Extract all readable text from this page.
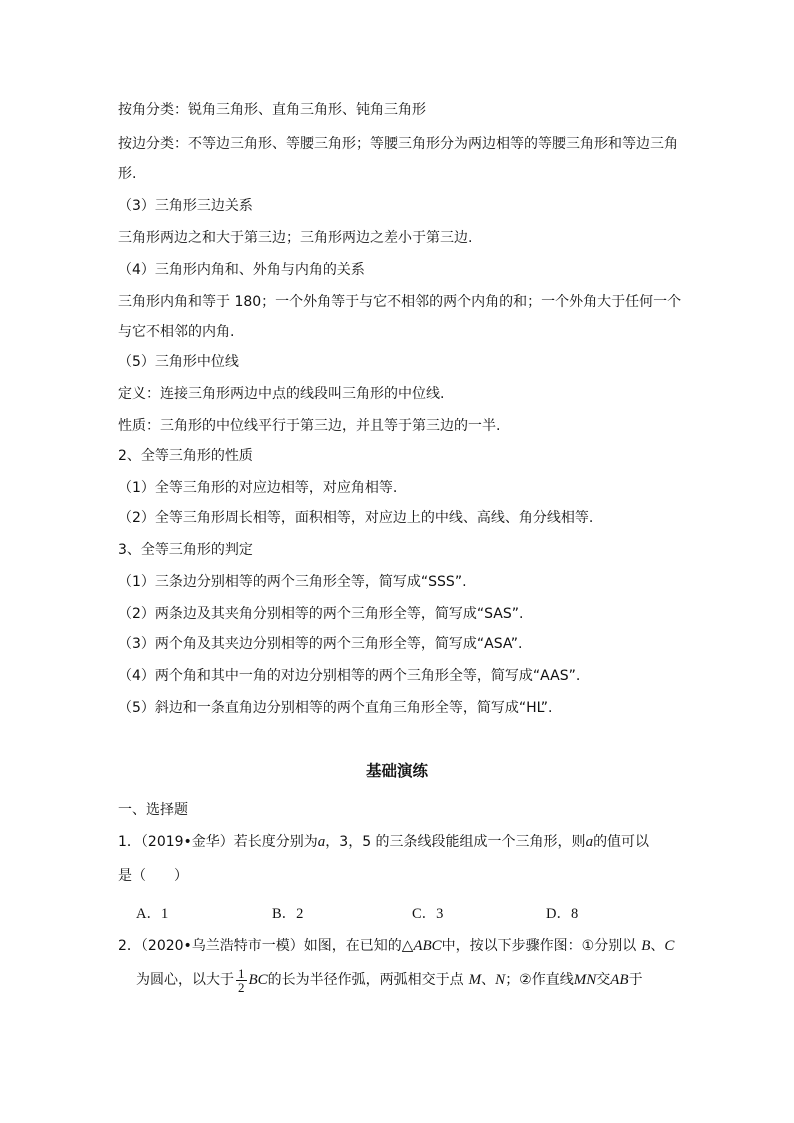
按角分类：锐角三角形、直角三角形、钝角三角形
按边分类：不等边三角形、等腰三角形；等腰三角形分为两边相等的等腰三角形和等边三角
形.
（3）三角形三边关系
三角形两边之和大于第三边；三角形两边之差小于第三边.
（4）三角形内角和、外角与内角的关系
三角形内角和等于 180；一个外角等于与它不相邻的两个内角的和；一个外角大于任何一个
与它不相邻的内角.
（5）三角形中位线
定义：连接三角形两边中点的线段叫三角形的中位线.
性质：三角形的中位线平行于第三边，并且等于第三边的一半.
2、全等三角形的性质
（1）全等三角形的对应边相等，对应角相等.
（2）全等三角形周长相等，面积相等，对应边上的中线、高线、角分线相等.
3、全等三角形的判定
（1）三条边分别相等的两个三角形全等，简写成“SSS”.
（2）两条边及其夹角分别相等的两个三角形全等，简写成“SAS”.
（3）两个角及其夹边分别相等的两个三角形全等，简写成“ASA”.
（4）两个角和其中一角的对边分别相等的两个三角形全等，简写成“AAS”.
（5）斜边和一条直角边分别相等的两个直角三角形全等，简写成“HL”.
基础演练
一、选择题
1．（2019•金华）若长度分别为a，3，5 的三条线段能组成一个三角形，则a的值可以
是（　　）
A．1	B．2	C．3	D．8
2．（2020•乌兰浩特市一模）如图，在已知的△ABC中，按以下步骤作图：①分别以 B、C
为圆心，以大于 $\frac{1}{2}$ BC的长为半径作弧，两弧相交于点 M、N；②作直线MN交AB于
